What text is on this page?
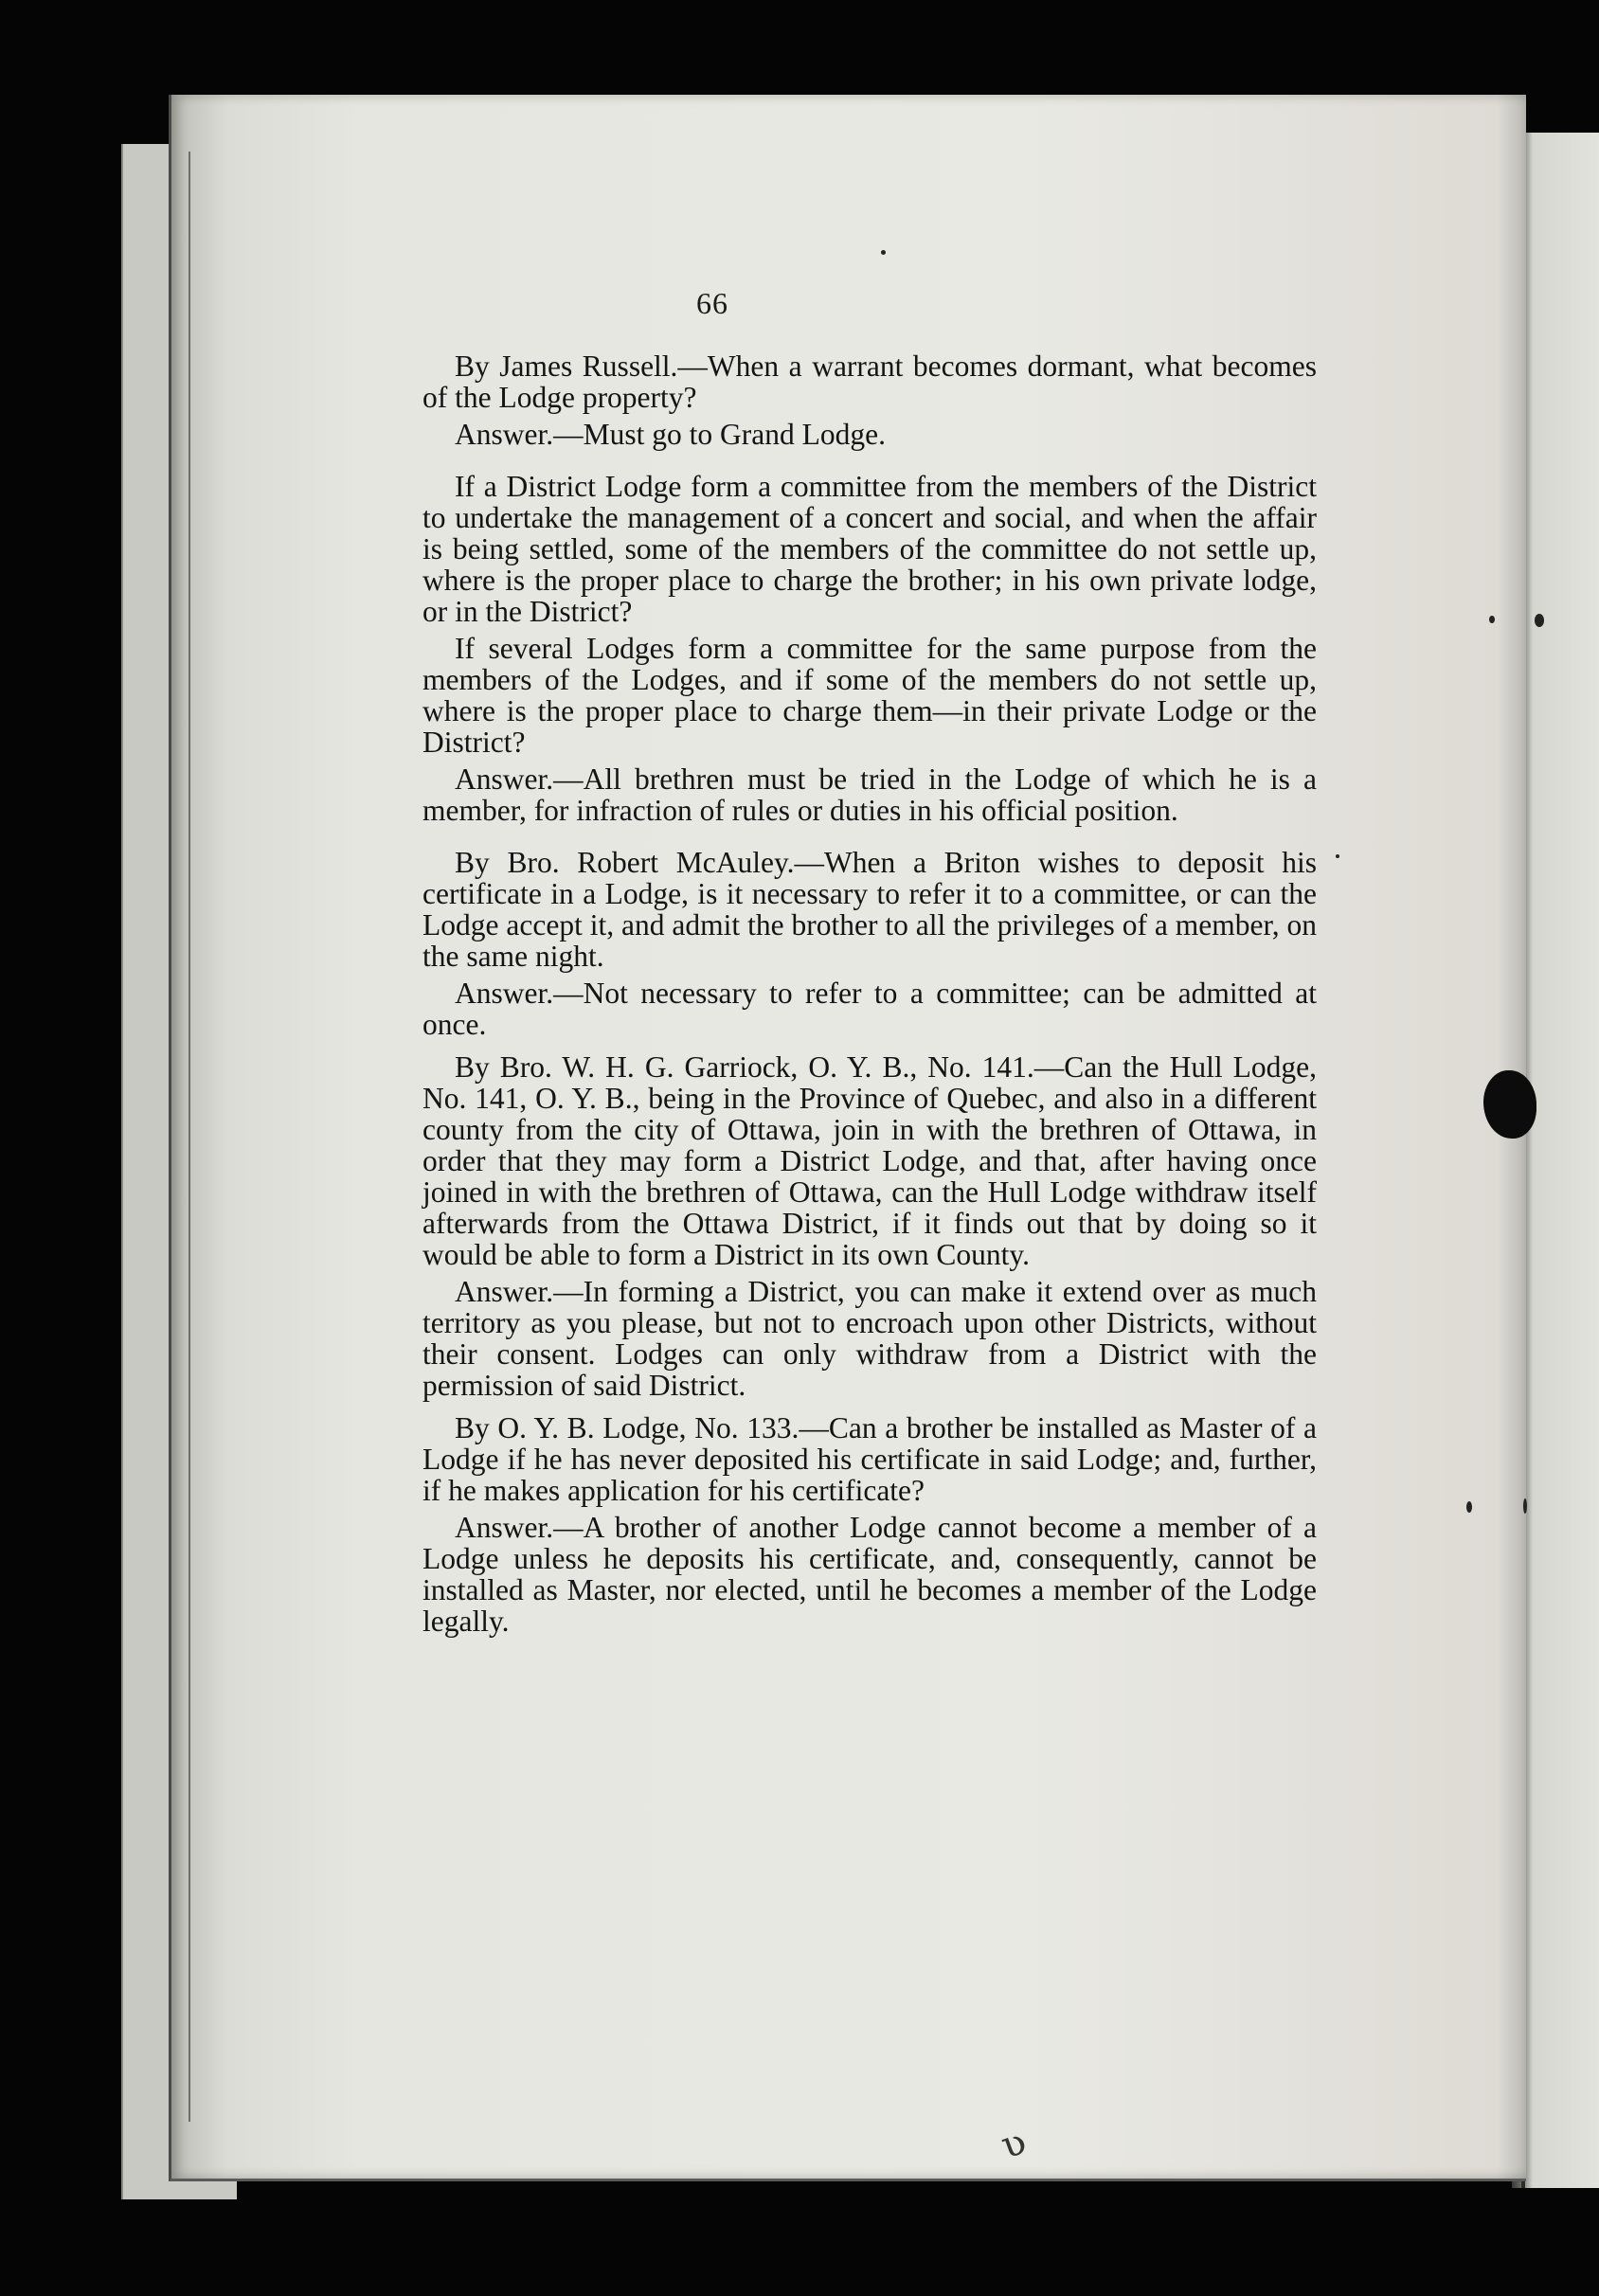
66

By James Russell.—When a warrant becomes dormant, what becomes of the Lodge property?

Answer.—Must go to Grand Lodge.

If a District Lodge form a committee from the members of the District to undertake the management of a concert and social, and when the affair is being settled, some of the members of the committee do not settle up, where is the proper place to charge the brother; in his own private lodge, or in the District?

If several Lodges form a committee for the same purpose from the members of the Lodges, and if some of the members do not settle up, where is the proper place to charge them—in their private Lodge or the District?

Answer.—All brethren must be tried in the Lodge of which he is a member, for infraction of rules or duties in his official position.

By Bro. Robert McAuley.—When a Briton wishes to deposit his certificate in a Lodge, is it necessary to refer it to a committee, or can the Lodge accept it, and admit the brother to all the privileges of a member, on the same night.

Answer.—Not necessary to refer to a committee; can be admitted at once.

By Bro. W. H. G. Garriock, O. Y. B., No. 141.—Can the Hull Lodge, No. 141, O. Y. B., being in the Province of Quebec, and also in a different county from the city of Ottawa, join in with the brethren of Ottawa, in order that they may form a District Lodge, and that, after having once joined in with the brethren of Ottawa, can the Hull Lodge withdraw itself afterwards from the Ottawa District, if it finds out that by doing so it would be able to form a District in its own County.

Answer.—In forming a District, you can make it extend over as much territory as you please, but not to encroach upon other Districts, without their consent. Lodges can only withdraw from a District with the permission of said District.

By O. Y. B. Lodge, No. 133.—Can a brother be installed as Master of a Lodge if he has never deposited his certificate in said Lodge; and, further, if he makes application for his certificate?

Answer.—A brother of another Lodge cannot become a member of a Lodge unless he deposits his certificate, and, consequently, cannot be installed as Master, nor elected, until he becomes a member of the Lodge legally.

ʋ
